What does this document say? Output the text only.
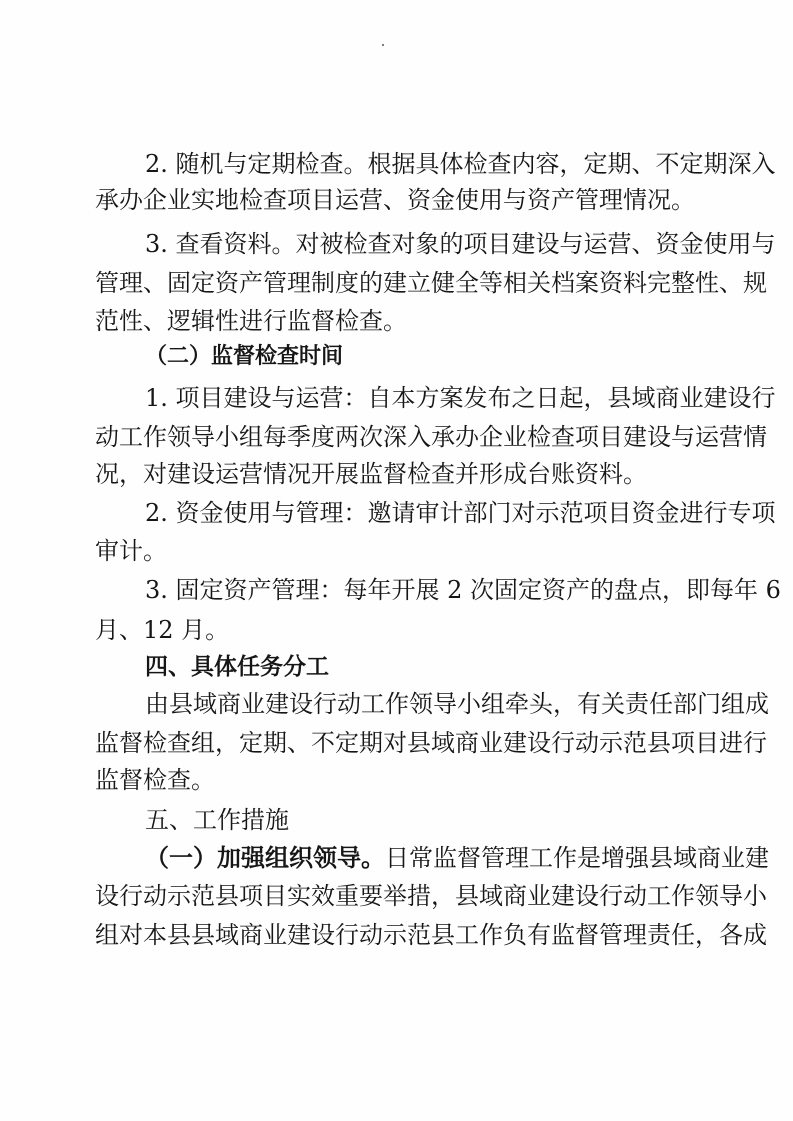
2. 随机与定期检查。根据具体检查内容，定期、不定期深入
承办企业实地检查项目运营、资金使用与资产管理情况。
3. 查看资料。对被检查对象的项目建设与运营、资金使用与
管理、固定资产管理制度的建立健全等相关档案资料完整性、规
范性、逻辑性进行监督检查。
（二）监督检查时间
1. 项目建设与运营：自本方案发布之日起，县域商业建设行
动工作领导小组每季度两次深入承办企业检查项目建设与运营情
况，对建设运营情况开展监督检查并形成台账资料。
2. 资金使用与管理：邀请审计部门对示范项目资金进行专项
审计。
3. 固定资产管理：每年开展 2 次固定资产的盘点，即每年 6
月、12 月。
四、具体任务分工
由县域商业建设行动工作领导小组牵头，有关责任部门组成
监督检查组，定期、不定期对县域商业建设行动示范县项目进行
监督检查。
五、工作措施
（一）加强组织领导。日常监督管理工作是增强县域商业建
设行动示范县项目实效重要举措，县域商业建设行动工作领导小
组对本县县域商业建设行动示范县工作负有监督管理责任，各成
